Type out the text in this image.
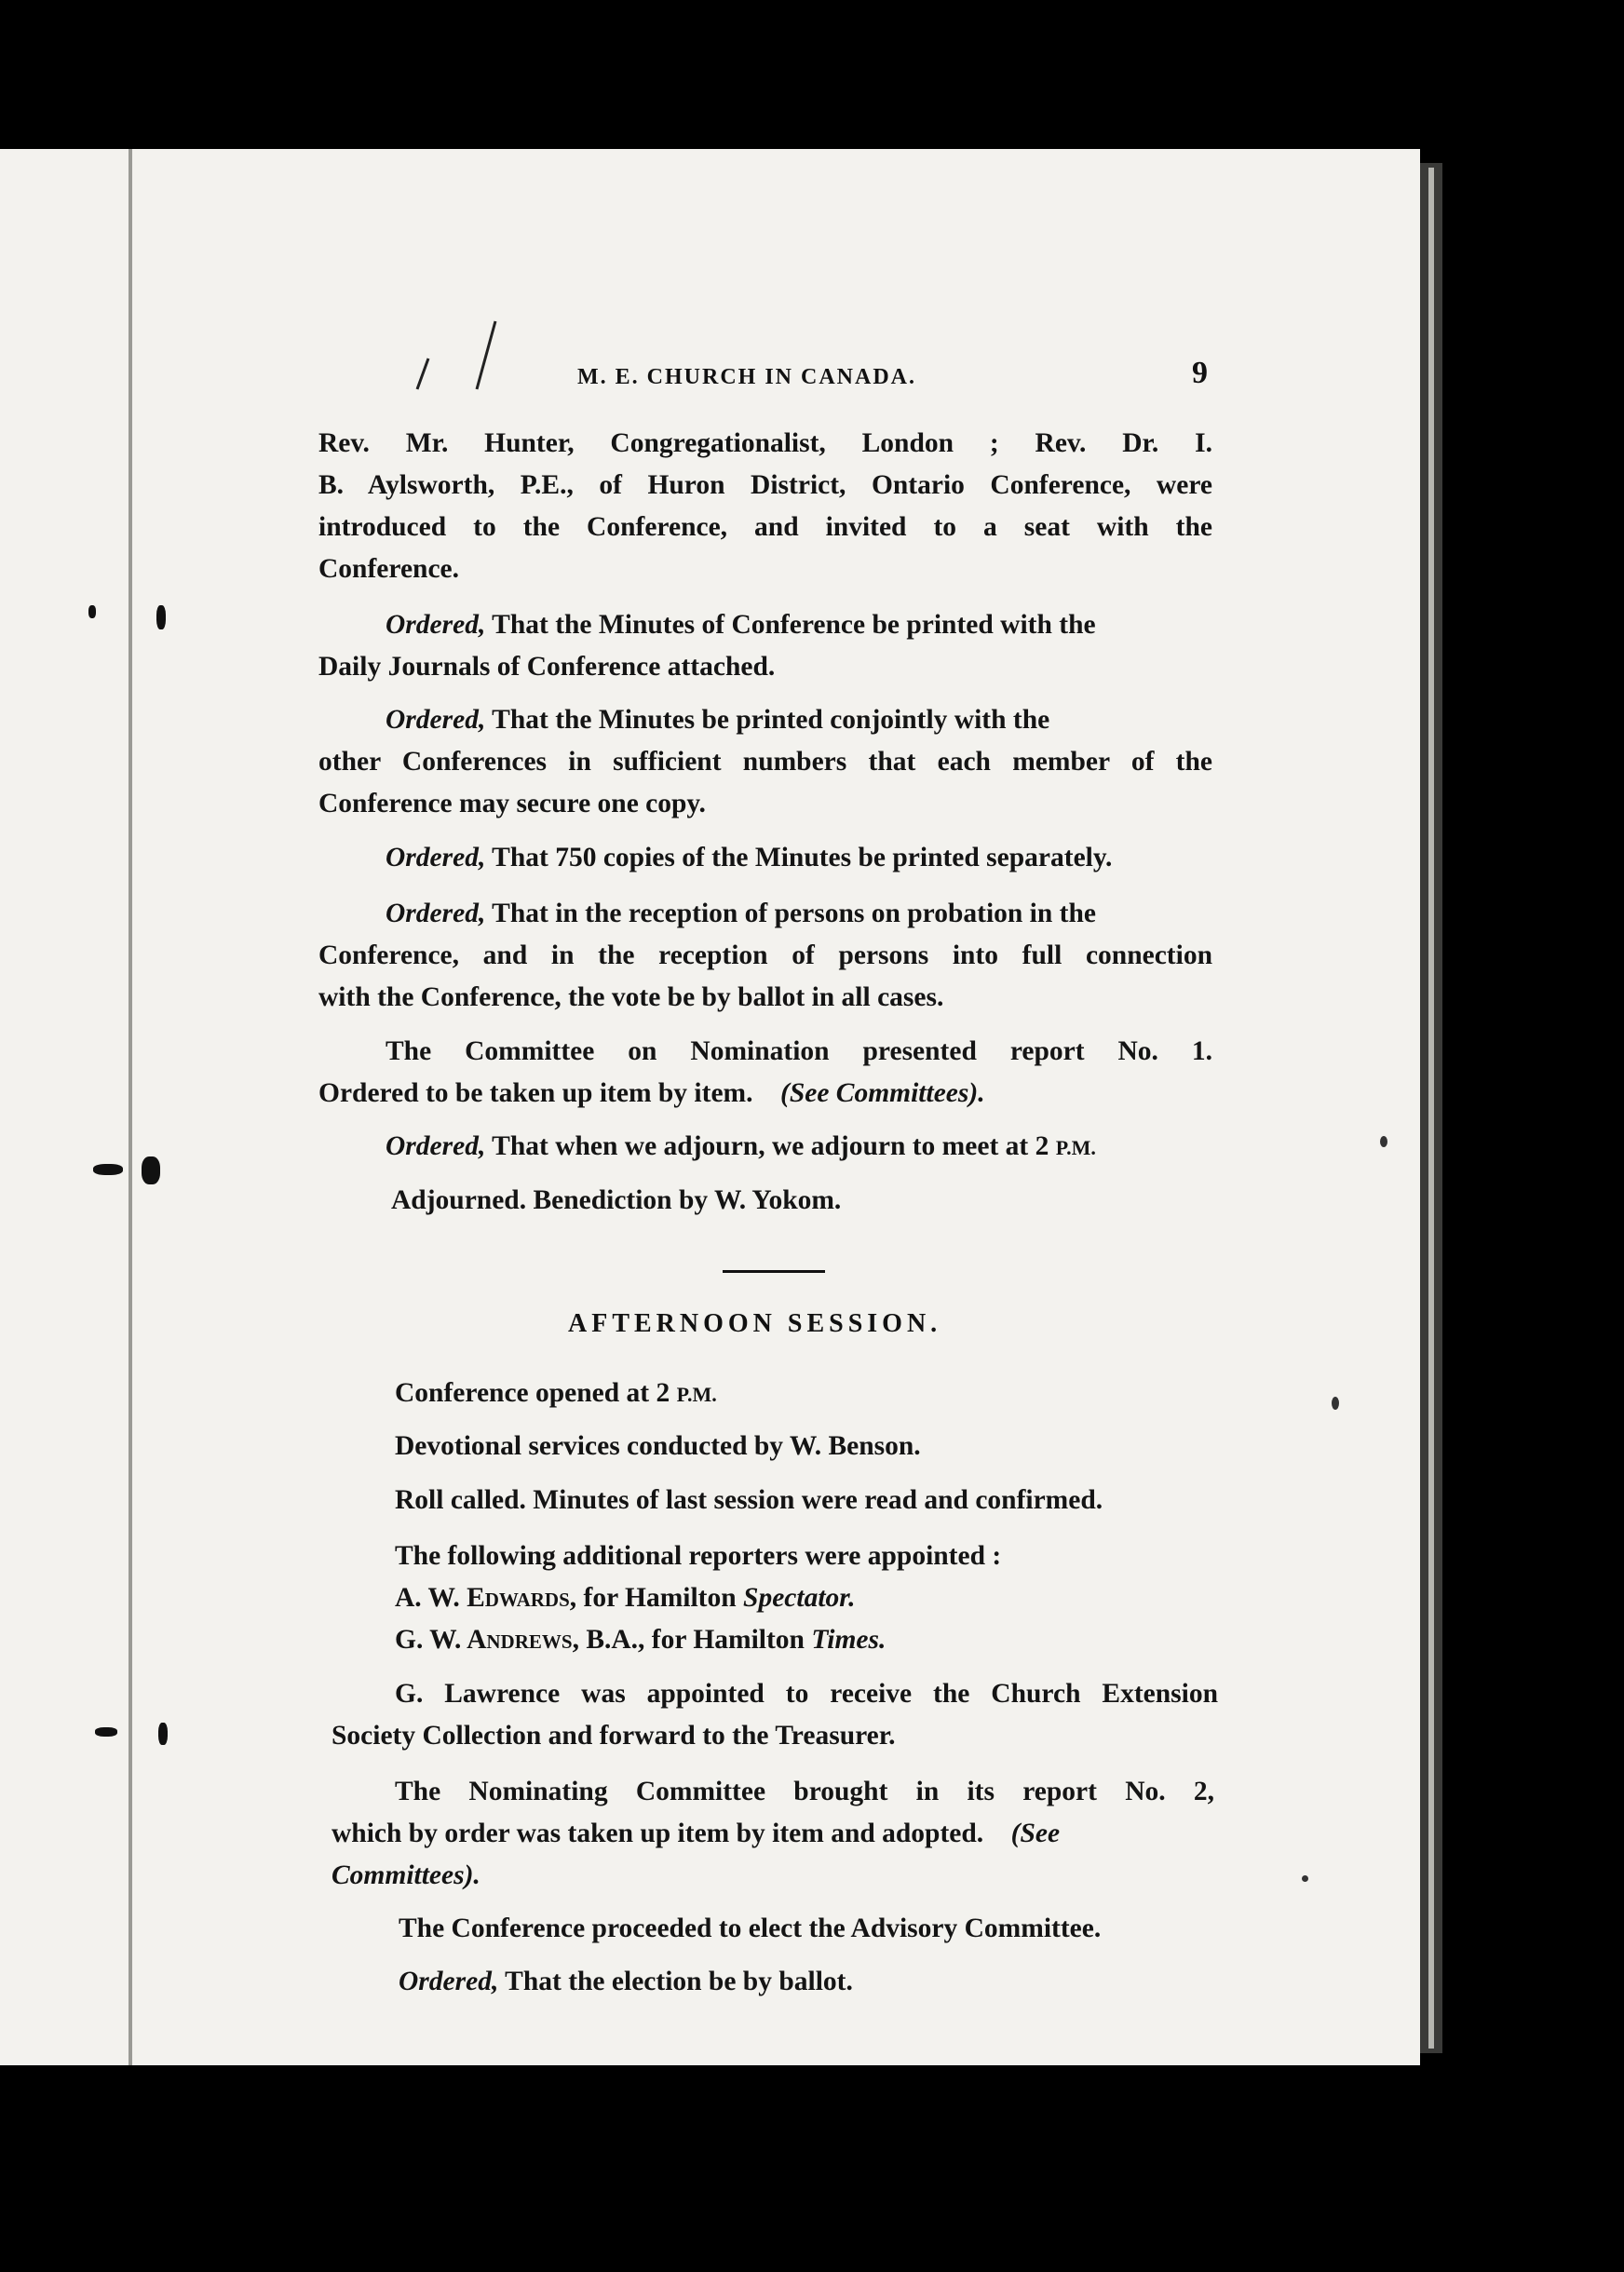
M. E. CHURCH IN CANADA.	9
Rev. Mr. Hunter, Congregationalist, London ; Rev. Dr. I.
B. Aylsworth, P.E., of Huron District, Ontario Conference, were
introduced to the Conference, and invited to a seat with the
Conference.
Ordered, That the Minutes of Conference be printed with the
Daily Journals of Conference attached.
Ordered, That the Minutes be printed conjointly with the
other Conferences in sufficient numbers that each member of the
Conference may secure one copy.
Ordered, That 750 copies of the Minutes be printed separately.
Ordered, That in the reception of persons on probation in the
Conference, and in the reception of persons into full connection
with the Conference, the vote be by ballot in all cases.
The Committee on Nomination presented report No. 1.
Ordered to be taken up item by item. (See Committees).
Ordered, That when we adjourn, we adjourn to meet at 2 P.M.
Adjourned. Benediction by W. Yokom.
AFTERNOON SESSION.
Conference opened at 2 P.M.
Devotional services conducted by W. Benson.
Roll called. Minutes of last session were read and confirmed.
The following additional reporters were appointed :
A. W. Edwards, for Hamilton Spectator.
G. W. Andrews, B.A., for Hamilton Times.
G. Lawrence was appointed to receive the Church Extension
Society Collection and forward to the Treasurer.
The Nominating Committee brought in its report No. 2,
which by order was taken up item by item and adopted. (See
Committees).
The Conference proceeded to elect the Advisory Committee.
Ordered, That the election be by ballot.
